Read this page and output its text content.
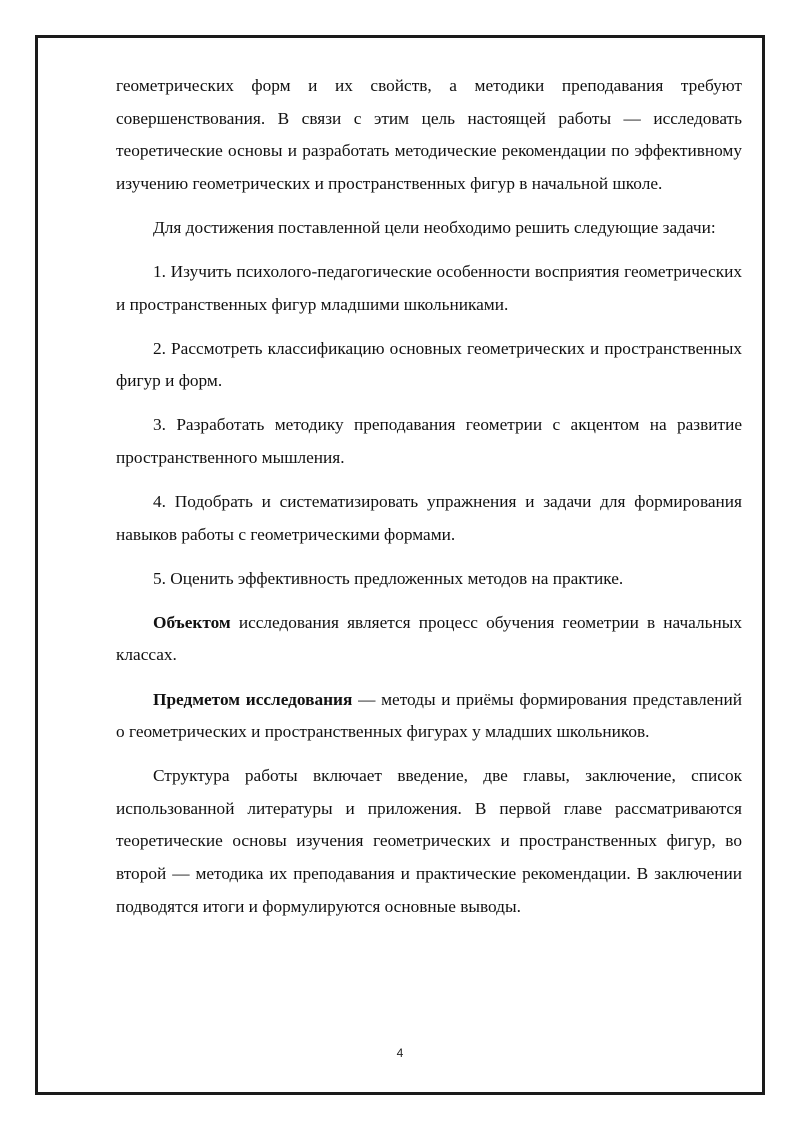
геометрических форм и их свойств, а методики преподавания требуют совершенствования. В связи с этим цель настоящей работы — исследовать теоретические основы и разработать методические рекомендации по эффективному изучению геометрических и пространственных фигур в начальной школе.

Для достижения поставленной цели необходимо решить следующие задачи:

1. Изучить психолого-педагогические особенности восприятия геометрических и пространственных фигур младшими школьниками.

2. Рассмотреть классификацию основных геометрических и пространственных фигур и форм.

3. Разработать методику преподавания геометрии с акцентом на развитие пространственного мышления.

4. Подобрать и систематизировать упражнения и задачи для формирования навыков работы с геометрическими формами.

5. Оценить эффективность предложенных методов на практике.

Объектом исследования является процесс обучения геометрии в начальных классах.

Предметом исследования — методы и приёмы формирования представлений о геометрических и пространственных фигурах у младших школьников.

Структура работы включает введение, две главы, заключение, список использованной литературы и приложения. В первой главе рассматриваются теоретические основы изучения геометрических и пространственных фигур, во второй — методика их преподавания и практические рекомендации. В заключении подводятся итоги и формулируются основные выводы.

4
